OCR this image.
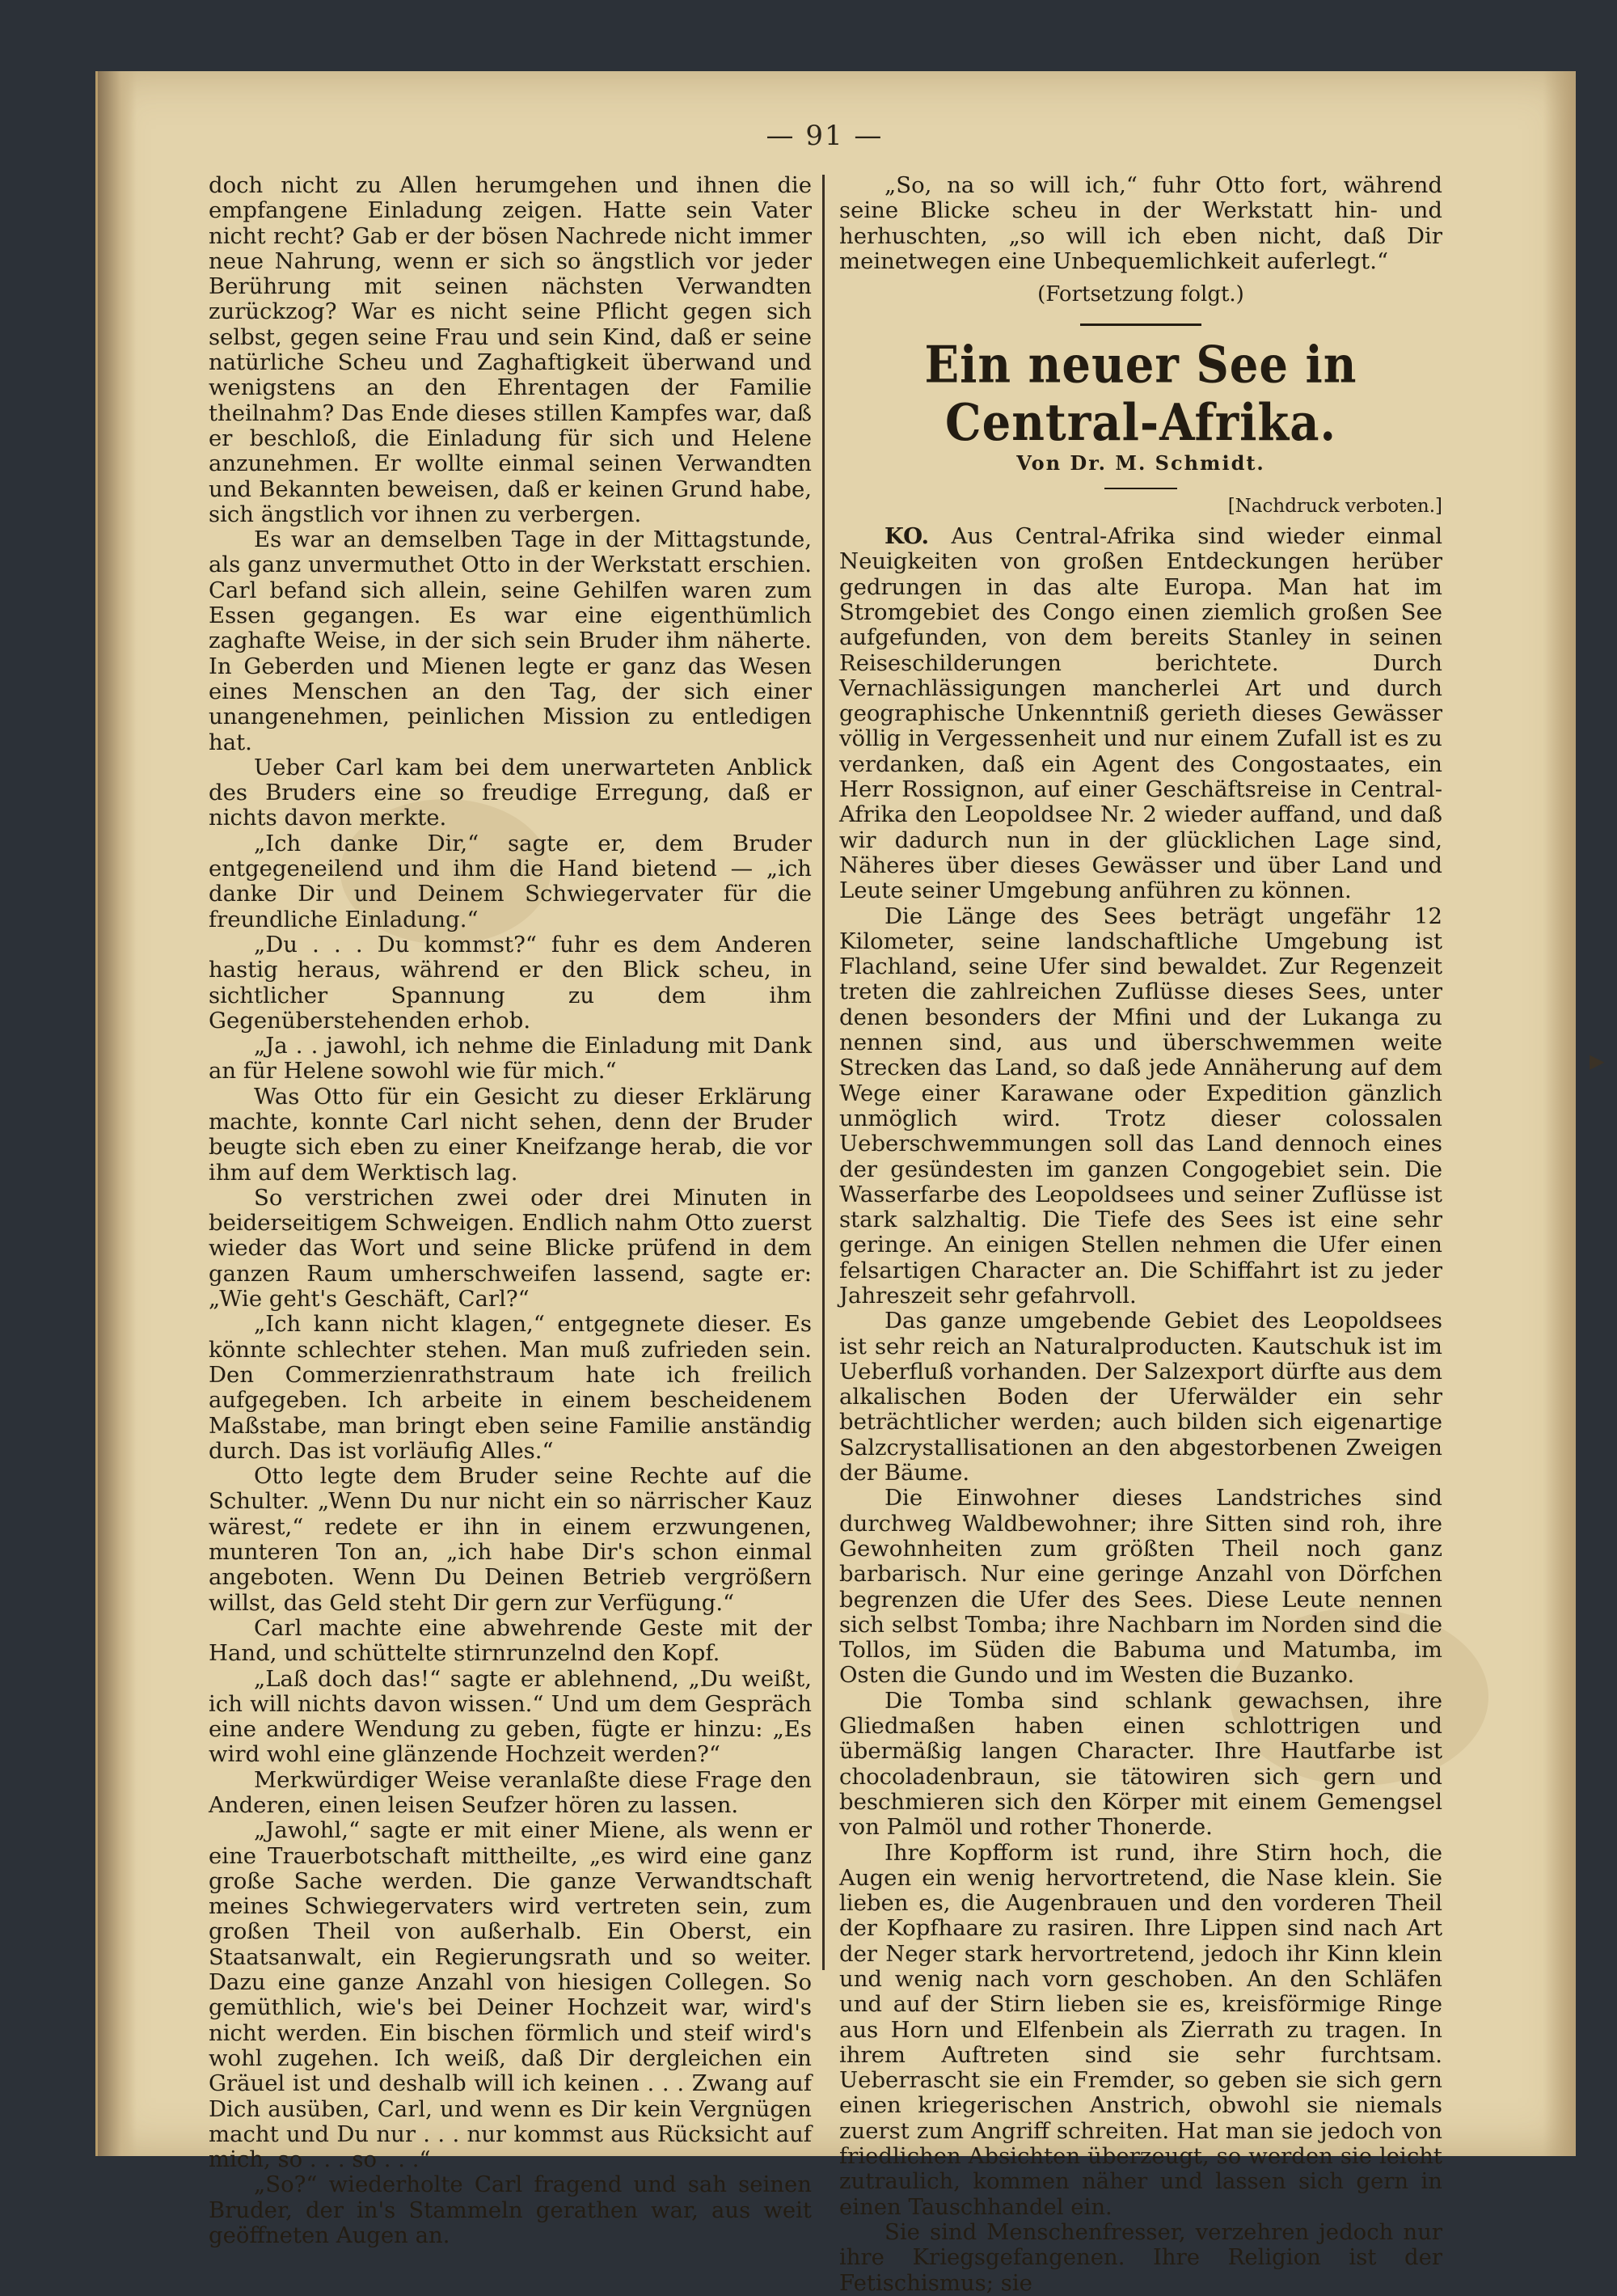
— 91 —

doch nicht zu Allen herumgehen und ihnen die empfangene Einladung zeigen. Hatte sein Vater nicht recht? Gab er der bösen Nachrede nicht immer neue Nahrung, wenn er sich so ängstlich vor jeder Berührung mit seinen nächsten Verwandten zurückzog? War es nicht seine Pflicht gegen sich selbst, gegen seine Frau und sein Kind, daß er seine natürliche Scheu und Zaghaftigkeit überwand und wenigstens an den Ehrentagen der Familie theilnahm? Das Ende dieses stillen Kampfes war, daß er beschloß, die Einladung für sich und Helene anzunehmen. Er wollte einmal seinen Verwandten und Bekannten beweisen, daß er keinen Grund habe, sich ängstlich vor ihnen zu verbergen.

Es war an demselben Tage in der Mittagstunde, als ganz unvermuthet Otto in der Werkstatt erschien. Carl befand sich allein, seine Gehilfen waren zum Essen gegangen. Es war eine eigenthümlich zaghafte Weise, in der sich sein Bruder ihm näherte. In Geberden und Mienen legte er ganz das Wesen eines Menschen an den Tag, der sich einer unangenehmen, peinlichen Mission zu entledigen hat.

Ueber Carl kam bei dem unerwarteten Anblick des Bruders eine so freudige Erregung, daß er nichts davon merkte.

„Ich danke Dir,“ sagte er, dem Bruder entgegeneilend und ihm die Hand bietend — „ich danke Dir und Deinem Schwiegervater für die freundliche Einladung.“

„Du . . . Du kommst?“ fuhr es dem Anderen hastig heraus, während er den Blick scheu, in sichtlicher Spannung zu dem ihm Gegenüberstehenden erhob.

„Ja . . jawohl, ich nehme die Einladung mit Dank an für Helene sowohl wie für mich.“

Was Otto für ein Gesicht zu dieser Erklärung machte, konnte Carl nicht sehen, denn der Bruder beugte sich eben zu einer Kneifzange herab, die vor ihm auf dem Werktisch lag.

So verstrichen zwei oder drei Minuten in beiderseitigem Schweigen. Endlich nahm Otto zuerst wieder das Wort und seine Blicke prüfend in dem ganzen Raum umherschweifen lassend, sagte er: „Wie geht's Geschäft, Carl?“

„Ich kann nicht klagen,“ entgegnete dieser. Es könnte schlechter stehen. Man muß zufrieden sein. Den Commerzienrathstraum hate ich freilich aufgegeben. Ich arbeite in einem bescheidenem Maßstabe, man bringt eben seine Familie anständig durch. Das ist vorläufig Alles.“

Otto legte dem Bruder seine Rechte auf die Schulter. „Wenn Du nur nicht ein so närrischer Kauz wärest,“ redete er ihn in einem erzwungenen, munteren Ton an, „ich habe Dir's schon einmal angeboten. Wenn Du Deinen Betrieb vergrößern willst, das Geld steht Dir gern zur Verfügung.“

Carl machte eine abwehrende Geste mit der Hand, und schüttelte stirnrunzelnd den Kopf.

„Laß doch das!“ sagte er ablehnend, „Du weißt, ich will nichts davon wissen.“ Und um dem Gespräch eine andere Wendung zu geben, fügte er hinzu: „Es wird wohl eine glänzende Hochzeit werden?“

Merkwürdiger Weise veranlaßte diese Frage den Anderen, einen leisen Seufzer hören zu lassen.

„Jawohl,“ sagte er mit einer Miene, als wenn er eine Trauerbotschaft mittheilte, „es wird eine ganz große Sache werden. Die ganze Verwandtschaft meines Schwiegervaters wird vertreten sein, zum großen Theil von außerhalb. Ein Oberst, ein Staatsanwalt, ein Regierungsrath und so weiter. Dazu eine ganze Anzahl von hiesigen Collegen. So gemüthlich, wie's bei Deiner Hochzeit war, wird's nicht werden. Ein bischen förmlich und steif wird's wohl zugehen. Ich weiß, daß Dir dergleichen ein Gräuel ist und deshalb will ich keinen . . . Zwang auf Dich ausüben, Carl, und wenn es Dir kein Vergnügen macht und Du nur . . . nur kommst aus Rücksicht auf mich, so . . . so . . .“

„So?“ wiederholte Carl fragend und sah seinen Bruder, der in's Stammeln gerathen war, aus weit geöffneten Augen an.

„So, na so will ich,“ fuhr Otto fort, während seine Blicke scheu in der Werkstatt hin- und herhuschten, „so will ich eben nicht, daß Dir meinetwegen eine Unbequemlichkeit auferlegt.“

(Fortsetzung folgt.)

Ein neuer See in Central-Afrika.
Von Dr. M. Schmidt.
[Nachdruck verboten.]

KO. Aus Central-Afrika sind wieder einmal Neuigkeiten von großen Entdeckungen herüber gedrungen in das alte Europa. Man hat im Stromgebiet des Congo einen ziemlich großen See aufgefunden, von dem bereits Stanley in seinen Reiseschilderungen berichtete. Durch Vernachlässigungen mancherlei Art und durch geographische Unkenntniß gerieth dieses Gewässer völlig in Vergessenheit und nur einem Zufall ist es zu verdanken, daß ein Agent des Congostaates, ein Herr Rossignon, auf einer Geschäftsreise in Central-Afrika den Leopoldsee Nr. 2 wieder auffand, und daß wir dadurch nun in der glücklichen Lage sind, Näheres über dieses Gewässer und über Land und Leute seiner Umgebung anführen zu können.

Die Länge des Sees beträgt ungefähr 12 Kilometer, seine landschaftliche Umgebung ist Flachland, seine Ufer sind bewaldet. Zur Regenzeit treten die zahlreichen Zuflüsse dieses Sees, unter denen besonders der Mfini und der Lukanga zu nennen sind, aus und überschwemmen weite Strecken das Land, so daß jede Annäherung auf dem Wege einer Karawane oder Expedition gänzlich unmöglich wird. Trotz dieser colossalen Ueberschwemmungen soll das Land dennoch eines der gesündesten im ganzen Congogebiet sein. Die Wasserfarbe des Leopoldsees und seiner Zuflüsse ist stark salzhaltig. Die Tiefe des Sees ist eine sehr geringe. An einigen Stellen nehmen die Ufer einen felsartigen Character an. Die Schiffahrt ist zu jeder Jahreszeit sehr gefahrvoll.

Das ganze umgebende Gebiet des Leopoldsees ist sehr reich an Naturalproducten. Kautschuk ist im Ueberfluß vorhanden. Der Salzexport dürfte aus dem alkalischen Boden der Uferwälder ein sehr beträchtlicher werden; auch bilden sich eigenartige Salzcrystallisationen an den abgestorbenen Zweigen der Bäume.

Die Einwohner dieses Landstriches sind durchweg Waldbewohner; ihre Sitten sind roh, ihre Gewohnheiten zum größten Theil noch ganz barbarisch. Nur eine geringe Anzahl von Dörfchen begrenzen die Ufer des Sees. Diese Leute nennen sich selbst Tomba; ihre Nachbarn im Norden sind die Tollos, im Süden die Babuma und Matumba, im Osten die Gundo und im Westen die Buzanko.

Die Tomba sind schlank gewachsen, ihre Gliedmaßen haben einen schlottrigen und übermäßig langen Character. Ihre Hautfarbe ist chocoladenbraun, sie tätowiren sich gern und beschmieren sich den Körper mit einem Gemengsel von Palmöl und rother Thonerde.

Ihre Kopfform ist rund, ihre Stirn hoch, die Augen ein wenig hervortretend, die Nase klein. Sie lieben es, die Augenbrauen und den vorderen Theil der Kopfhaare zu rasiren. Ihre Lippen sind nach Art der Neger stark hervortretend, jedoch ihr Kinn klein und wenig nach vorn geschoben. An den Schläfen und auf der Stirn lieben sie es, kreisförmige Ringe aus Horn und Elfenbein als Zierrath zu tragen. In ihrem Auftreten sind sie sehr furchtsam. Ueberrascht sie ein Fremder, so geben sie sich gern einen kriegerischen Anstrich, obwohl sie niemals zuerst zum Angriff schreiten. Hat man sie jedoch von friedlichen Absichten überzeugt, so werden sie leicht zutraulich, kommen näher und lassen sich gern in einen Tauschhandel ein.

Sie sind Menschenfresser, verzehren jedoch nur ihre Kriegsgefangenen. Ihre Religion ist der Fetischismus; sie

▶
